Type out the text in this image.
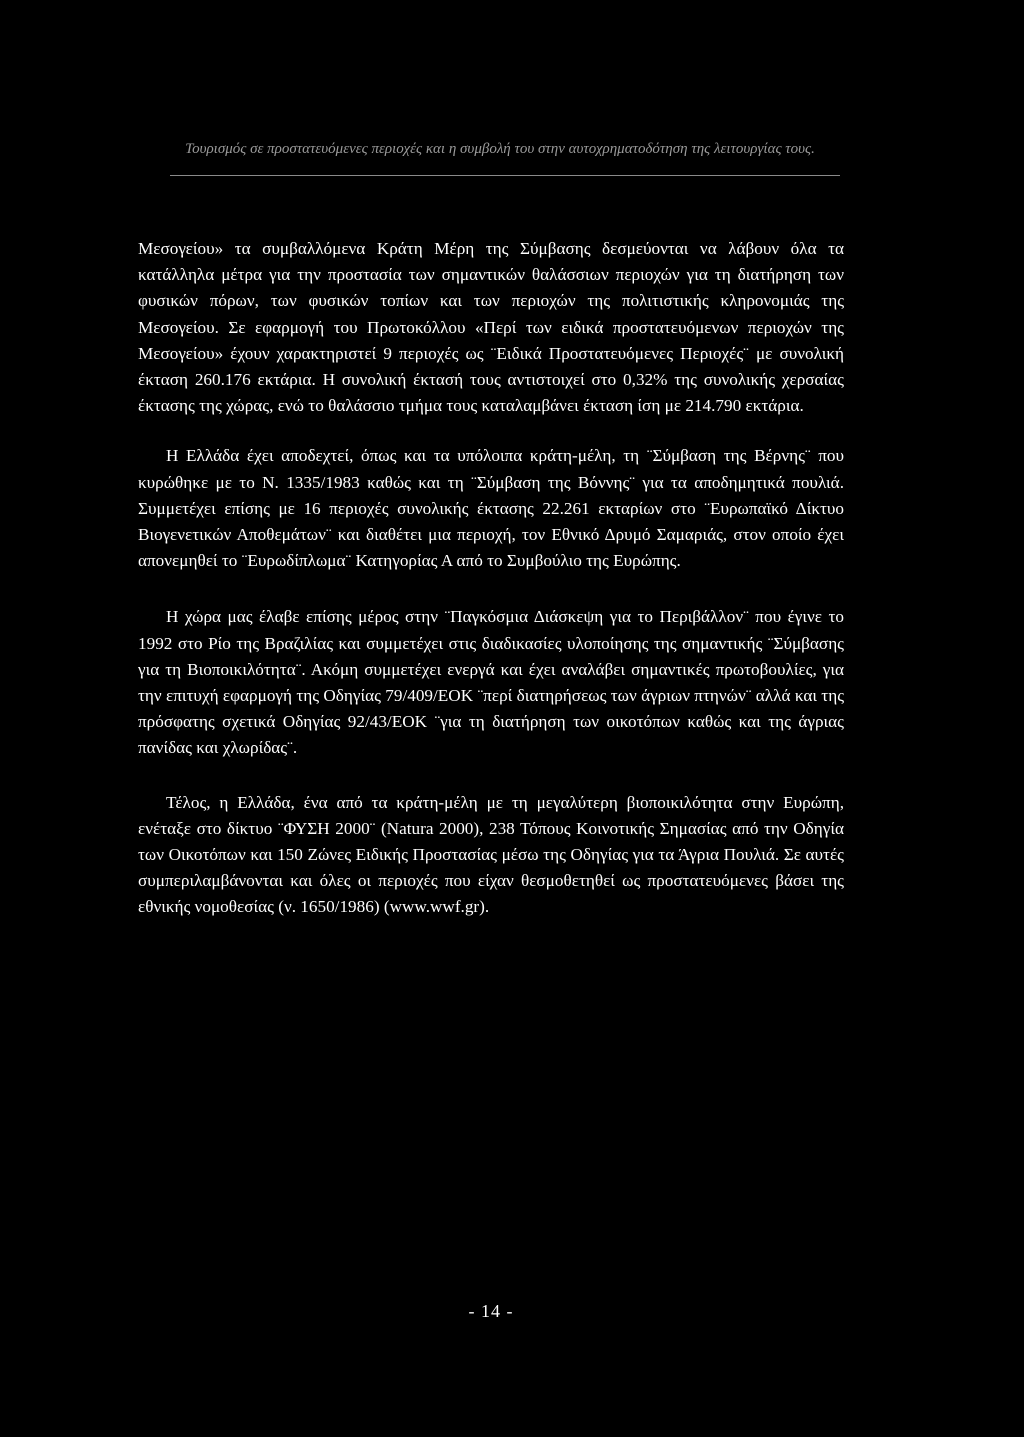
Τουρισμός σε προστατευόμενες περιοχές και η συμβολή του στην αυτοχρηματοδότηση της λειτουργίας τους.

Μεσογείου» τα συμβαλλόμενα Κράτη Μέρη της Σύμβασης δεσμεύονται να λάβουν όλα τα κατάλληλα μέτρα για την προστασία των σημαντικών θαλάσσιων περιοχών για τη διατήρηση των φυσικών πόρων, των φυσικών τοπίων και των περιοχών της πολιτιστικής κληρονομιάς της Μεσογείου. Σε εφαρμογή του Πρωτοκόλλου «Περί των ειδικά προστατευόμενων περιοχών της Μεσογείου» έχουν χαρακτηριστεί 9 περιοχές ως ¨Ειδικά Προστατευόμενες Περιοχές¨ με συνολική έκταση 260.176 εκτάρια. Η συνολική έκτασή τους αντιστοιχεί στο 0,32% της συνολικής χερσαίας έκτασης της χώρας, ενώ το θαλάσσιο τμήμα τους καταλαμβάνει έκταση ίση με 214.790 εκτάρια.

Η Ελλάδα έχει αποδεχτεί, όπως και τα υπόλοιπα κράτη-μέλη, τη ¨Σύμβαση της Βέρνης¨ που κυρώθηκε με το Ν. 1335/1983 καθώς και τη ¨Σύμβαση της Βόννης¨ για τα αποδημητικά πουλιά. Συμμετέχει επίσης με 16 περιοχές συνολικής έκτασης 22.261 εκταρίων στο ¨Ευρωπαϊκό Δίκτυο Βιογενετικών Αποθεμάτων¨ και διαθέτει μια περιοχή, τον Εθνικό Δρυμό Σαμαριάς, στον οποίο έχει απονεμηθεί το ¨Ευρωδίπλωμα¨ Κατηγορίας Α από το Συμβούλιο της Ευρώπης.

Η χώρα μας έλαβε επίσης μέρος στην ¨Παγκόσμια Διάσκεψη για το Περιβάλλον¨ που έγινε το 1992 στο Ρίο της Βραζιλίας και συμμετέχει στις διαδικασίες υλοποίησης της σημαντικής ¨Σύμβασης για τη Βιοποικιλότητα¨. Ακόμη συμμετέχει ενεργά και έχει αναλάβει σημαντικές πρωτοβουλίες, για την επιτυχή εφαρμογή της Οδηγίας 79/409/ΕΟΚ ¨περί διατηρήσεως των άγριων πτηνών¨ αλλά και της πρόσφατης σχετικά Οδηγίας 92/43/ΕΟΚ ¨για τη διατήρηση των οικοτόπων καθώς και της άγριας πανίδας και χλωρίδας¨.

Τέλος, η Ελλάδα, ένα από τα κράτη-μέλη με τη μεγαλύτερη βιοποικιλότητα στην Ευρώπη, ενέταξε στο δίκτυο ¨ΦΥΣΗ 2000¨ (Natura 2000), 238 Τόπους Κοινοτικής Σημασίας από την Οδηγία των Οικοτόπων και 150 Ζώνες Ειδικής Προστασίας μέσω της Οδηγίας για τα Άγρια Πουλιά. Σε αυτές συμπεριλαμβάνονται και όλες οι περιοχές που είχαν θεσμοθετηθεί ως προστατευόμενες βάσει της εθνικής νομοθεσίας (ν. 1650/1986) (www.wwf.gr).

- 14 -
